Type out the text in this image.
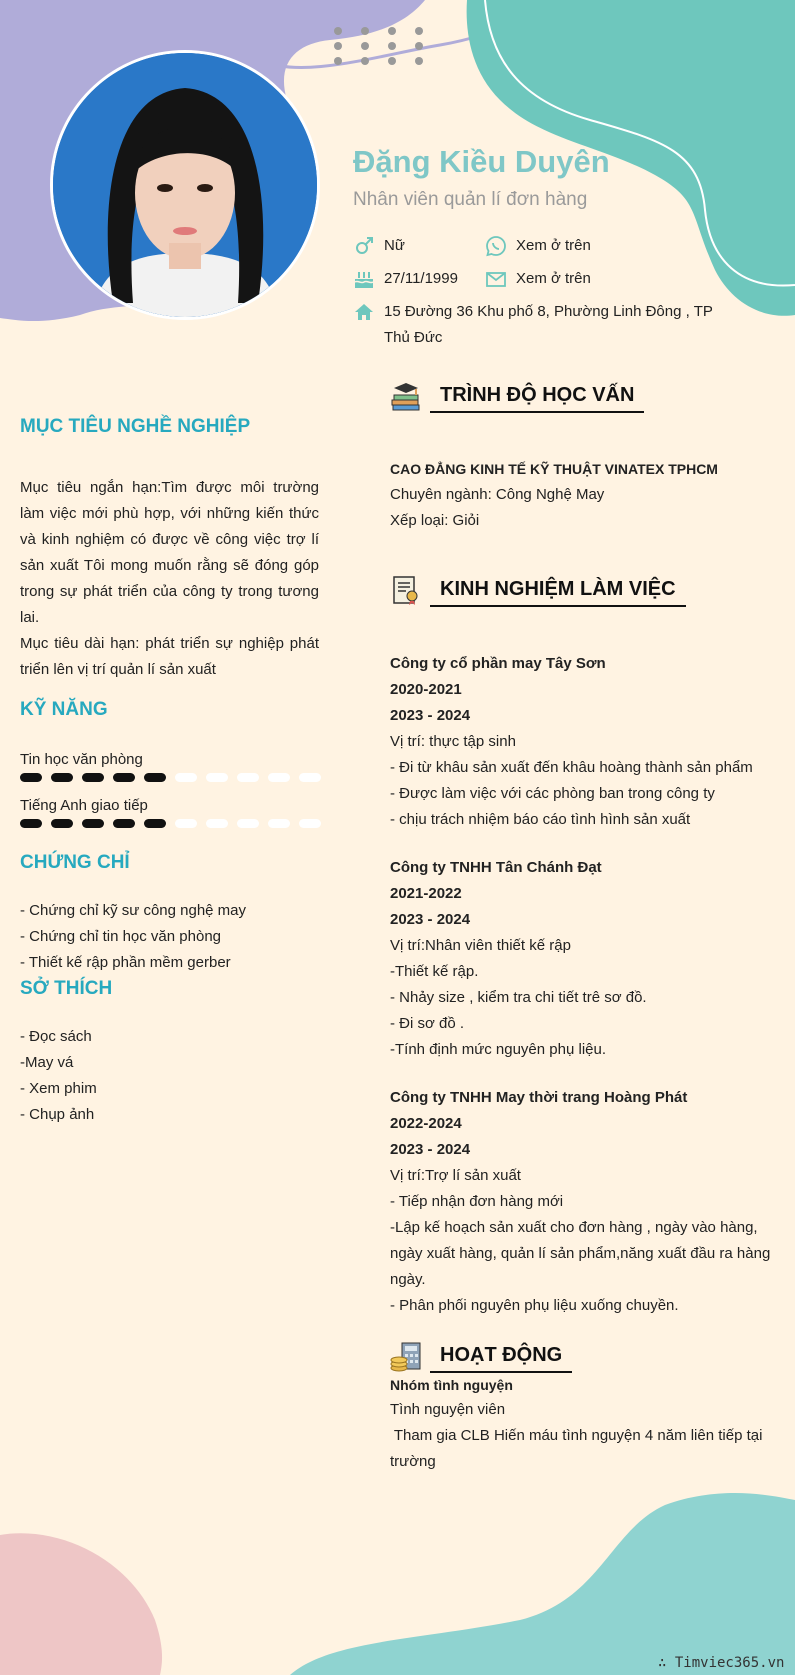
Đặng Kiều Duyên
Nhân viên quản lí đơn hàng
Nữ	Xem ở trên
27/11/1999	Xem ở trên
15 Đường 36 Khu phố 8, Phường Linh Đông , TP
Thủ Đức
MỤC TIÊU NGHỀ NGHIỆP
Mục tiêu ngắn hạn:Tìm được môi trường làm việc mới phù hợp, với những kiến thức và kinh nghiệm có được về công việc trợ lí sản xuất Tôi mong muốn rằng sẽ đóng góp trong sự phát triển của công ty trong tương lai.
Mục tiêu dài hạn: phát triển sự nghiệp phát triển lên vị trí quản lí sản xuất
KỸ NĂNG
Tin học văn phòng
Tiếng Anh giao tiếp
CHỨNG CHỈ
- Chứng chỉ kỹ sư công nghệ may
- Chứng chỉ tin học văn phòng
- Thiết kế rập phần mềm gerber
SỞ THÍCH
- Đọc sách
-May vá
- Xem phim
- Chụp ảnh
TRÌNH ĐỘ HỌC VẤN
CAO ĐẲNG KINH TẾ KỸ THUẬT VINATEX TPHCM
Chuyên ngành: Công Nghệ May
Xếp loại: Giỏi
KINH NGHIỆM LÀM VIỆC
Công ty cổ phần may Tây Sơn
2020-2021
2023 - 2024
Vị trí: thực tập sinh
- Đi từ khâu sản xuất đến khâu hoàng thành sản phẩm
- Được làm việc với các phòng ban trong công ty
- chịu trách nhiệm báo cáo tình hình sản xuất
Công ty TNHH Tân Chánh Đạt
2021-2022
2023 - 2024
Vị trí:Nhân viên thiết kế rập
-Thiết kế rập.
- Nhảy size , kiểm tra chi tiết trê sơ đồ.
- Đi sơ đồ .
-Tính định mức nguyên phụ liệu.
Công ty TNHH May thời trang Hoàng Phát
2022-2024
2023 - 2024
Vị trí:Trợ lí sản xuất
- Tiếp nhận đơn hàng mới
-Lập kế hoạch sản xuất cho đơn hàng , ngày vào hàng,
ngày xuất hàng, quản lí sản phẩm,năng xuất đầu ra hàng
ngày.
- Phân phối nguyên phụ liệu xuống chuyền.
HOẠT ĐỘNG
Nhóm tình nguyện
Tình nguyện viên
Tham gia CLB Hiến máu tình nguyện 4 năm liên tiếp tại
trường
∴ Timviec365.vn
